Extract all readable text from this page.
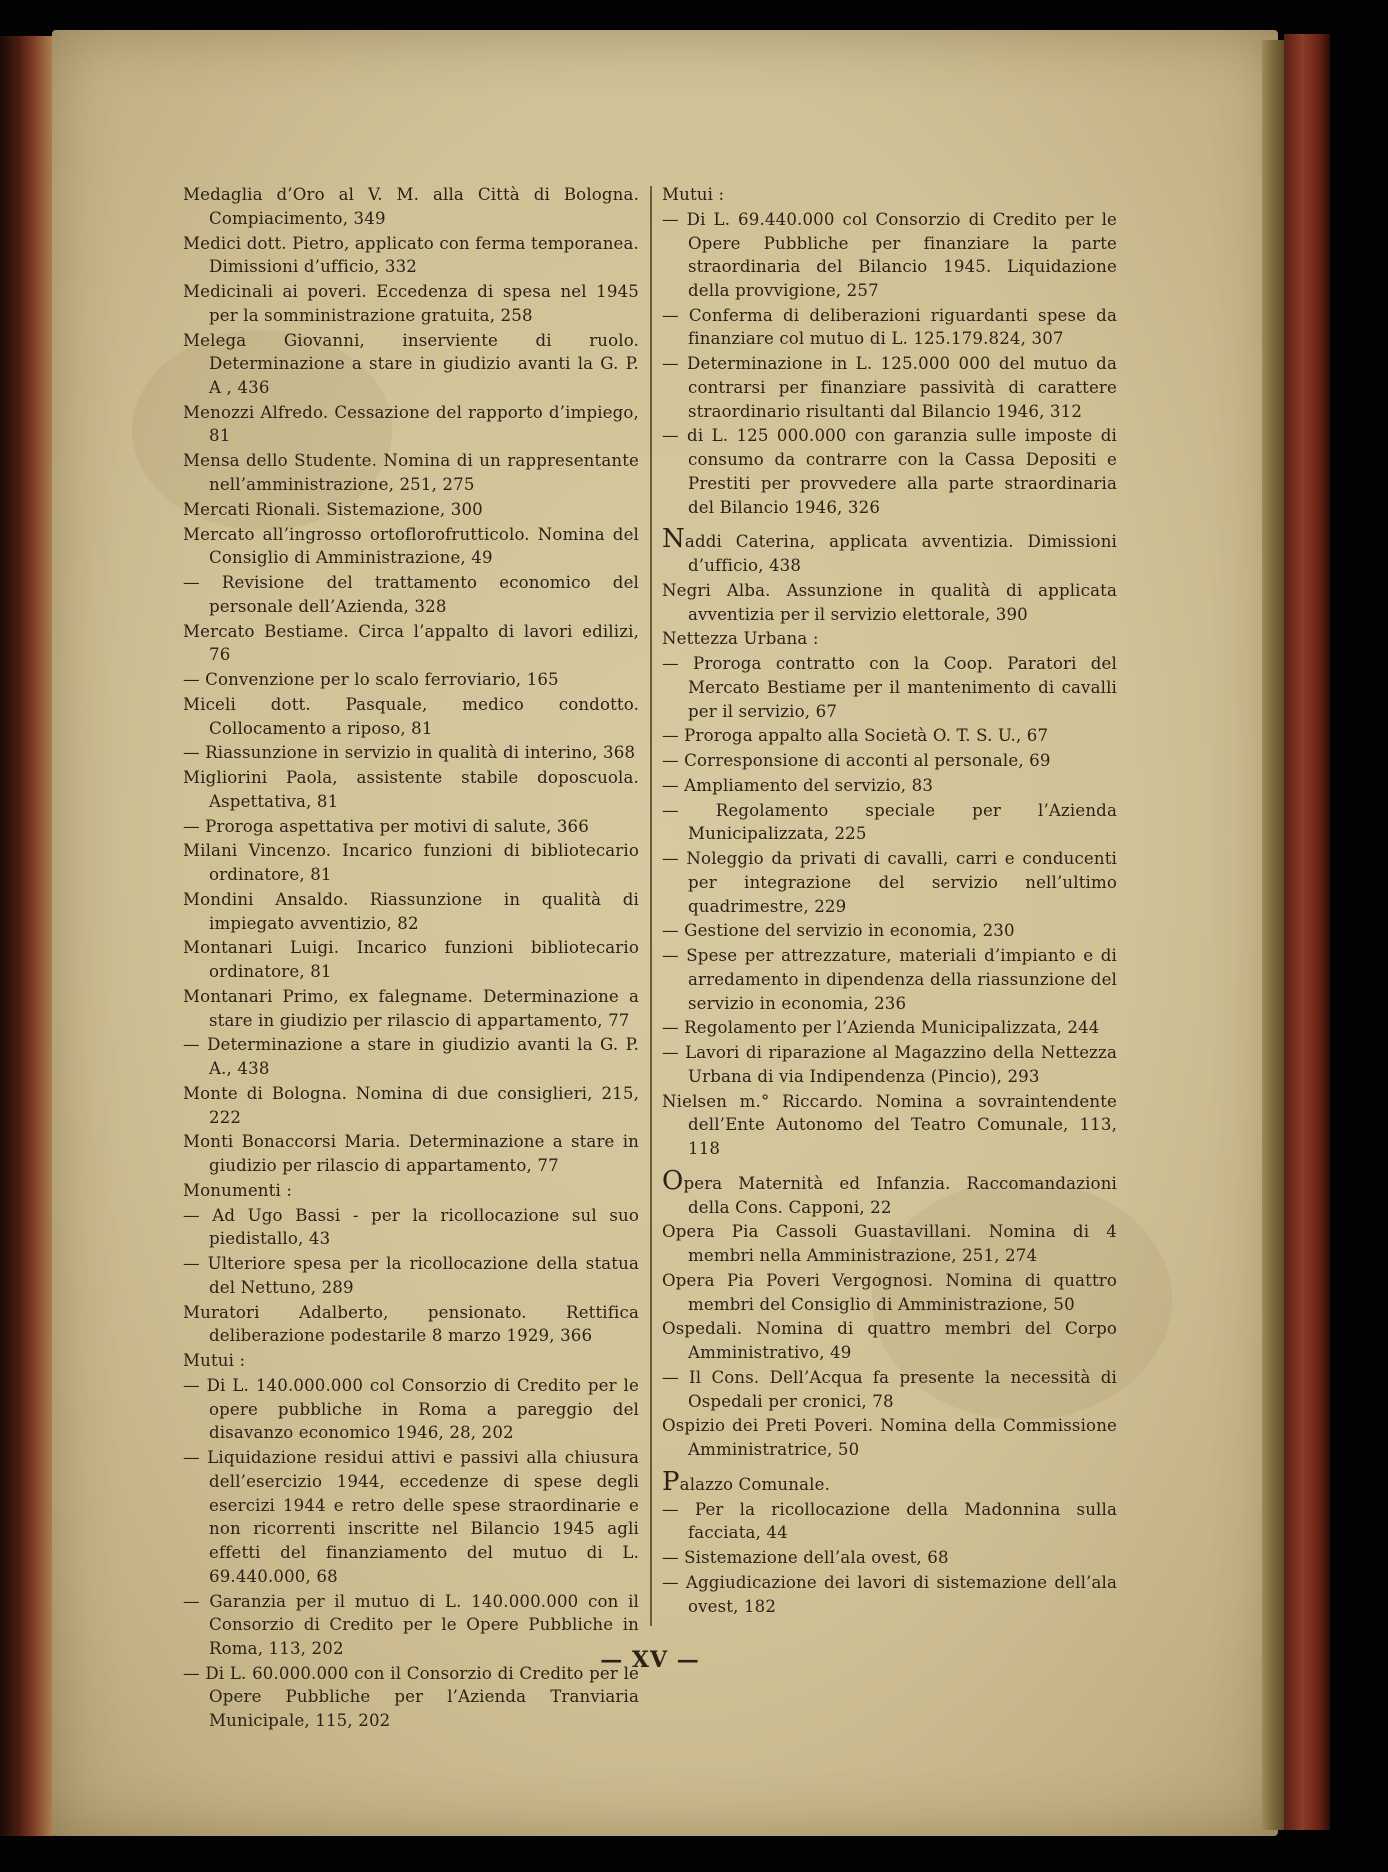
Medaglia d’Oro al V. M. alla Città di Bologna. Compiacimento, 349
Medici dott. Pietro, applicato con ferma temporanea. Dimissioni d’ufficio, 332
Medicinali ai poveri. Eccedenza di spesa nel 1945 per la somministrazione gratuita, 258
Melega Giovanni, inserviente di ruolo. Determinazione a stare in giudizio avanti la G. P. A , 436
Menozzi Alfredo. Cessazione del rapporto d’impiego, 81
Mensa dello Studente. Nomina di un rappresentante nell’amministrazione, 251, 275
Mercati Rionali. Sistemazione, 300
Mercato all’ingrosso ortoflorofrutticolo. Nomina del Consiglio di Amministrazione, 49
— Revisione del trattamento economico del personale dell’Azienda, 328
Mercato Bestiame. Circa l’appalto di lavori edilizi, 76
— Convenzione per lo scalo ferroviario, 165
Miceli dott. Pasquale, medico condotto. Collocamento a riposo, 81
— Riassunzione in servizio in qualità di interino, 368
Migliorini Paola, assistente stabile doposcuola. Aspettativa, 81
— Proroga aspettativa per motivi di salute, 366
Milani Vincenzo. Incarico funzioni di bibliotecario ordinatore, 81
Mondini Ansaldo. Riassunzione in qualità di impiegato avventizio, 82
Montanari Luigi. Incarico funzioni bibliotecario ordinatore, 81
Montanari Primo, ex falegname. Determinazione a stare in giudizio per rilascio di appartamento, 77
— Determinazione a stare in giudizio avanti la G. P. A., 438
Monte di Bologna. Nomina di due consiglieri, 215, 222
Monti Bonaccorsi Maria. Determinazione a stare in giudizio per rilascio di appartamento, 77
Monumenti :
— Ad Ugo Bassi - per la ricollocazione sul suo piedistallo, 43
— Ulteriore spesa per la ricollocazione della statua del Nettuno, 289
Muratori Adalberto, pensionato. Rettifica deliberazione podestarile 8 marzo 1929, 366
Mutui :
— Di L. 140.000.000 col Consorzio di Credito per le opere pubbliche in Roma a pareggio del disavanzo economico 1946, 28, 202
— Liquidazione residui attivi e passivi alla chiusura dell’esercizio 1944, eccedenze di spese degli esercizi 1944 e retro delle spese straordinarie e non ricorrenti inscritte nel Bilancio 1945 agli effetti del finanziamento del mutuo di L. 69.440.000, 68
— Garanzia per il mutuo di L. 140.000.000 con il Consorzio di Credito per le Opere Pubbliche in Roma, 113, 202
— Di L. 60.000.000 con il Consorzio di Credito per le Opere Pubbliche per l’Azienda Tranviaria Municipale, 115, 202
Mutui :
— Di L. 69.440.000 col Consorzio di Credito per le Opere Pubbliche per finanziare la parte straordinaria del Bilancio 1945. Liquidazione della provvigione, 257
— Conferma di deliberazioni riguardanti spese da finanziare col mutuo di L. 125.179.824, 307
— Determinazione in L. 125.000 000 del mutuo da contrarsi per finanziare passività di carattere straordinario risultanti dal Bilancio 1946, 312
— di L. 125 000.000 con garanzia sulle imposte di consumo da contrarre con la Cassa Depositi e Prestiti per provvedere alla parte straordinaria del Bilancio 1946, 326
Naddi Caterina, applicata avventizia. Dimissioni d’ufficio, 438
Negri Alba. Assunzione in qualità di applicata avventizia per il servizio elettorale, 390
Nettezza Urbana :
— Proroga contratto con la Coop. Paratori del Mercato Bestiame per il mantenimento di cavalli per il servizio, 67
— Proroga appalto alla Società O. T. S. U., 67
— Corresponsione di acconti al personale, 69
— Ampliamento del servizio, 83
— Regolamento speciale per l’Azienda Municipalizzata, 225
— Noleggio da privati di cavalli, carri e conducenti per integrazione del servizio nell’ultimo quadrimestre, 229
— Gestione del servizio in economia, 230
— Spese per attrezzature, materiali d’impianto e di arredamento in dipendenza della riassunzione del servizio in economia, 236
— Regolamento per l’Azienda Municipalizzata, 244
— Lavori di riparazione al Magazzino della Nettezza Urbana di via Indipendenza (Pincio), 293
Nielsen m.° Riccardo. Nomina a sovraintendente dell’Ente Autonomo del Teatro Comunale, 113, 118
Opera Maternità ed Infanzia. Raccomandazioni della Cons. Capponi, 22
Opera Pia Cassoli Guastavillani. Nomina di 4 membri nella Amministrazione, 251, 274
Opera Pia Poveri Vergognosi. Nomina di quattro membri del Consiglio di Amministrazione, 50
Ospedali. Nomina di quattro membri del Corpo Amministrativo, 49
— Il Cons. Dell’Acqua fa presente la necessità di Ospedali per cronici, 78
Ospizio dei Preti Poveri. Nomina della Commissione Amministratrice, 50
Palazzo Comunale.
— Per la ricollocazione della Madonnina sulla facciata, 44
— Sistemazione dell’ala ovest, 68
— Aggiudicazione dei lavori di sistemazione dell’ala ovest, 182
— XV —
